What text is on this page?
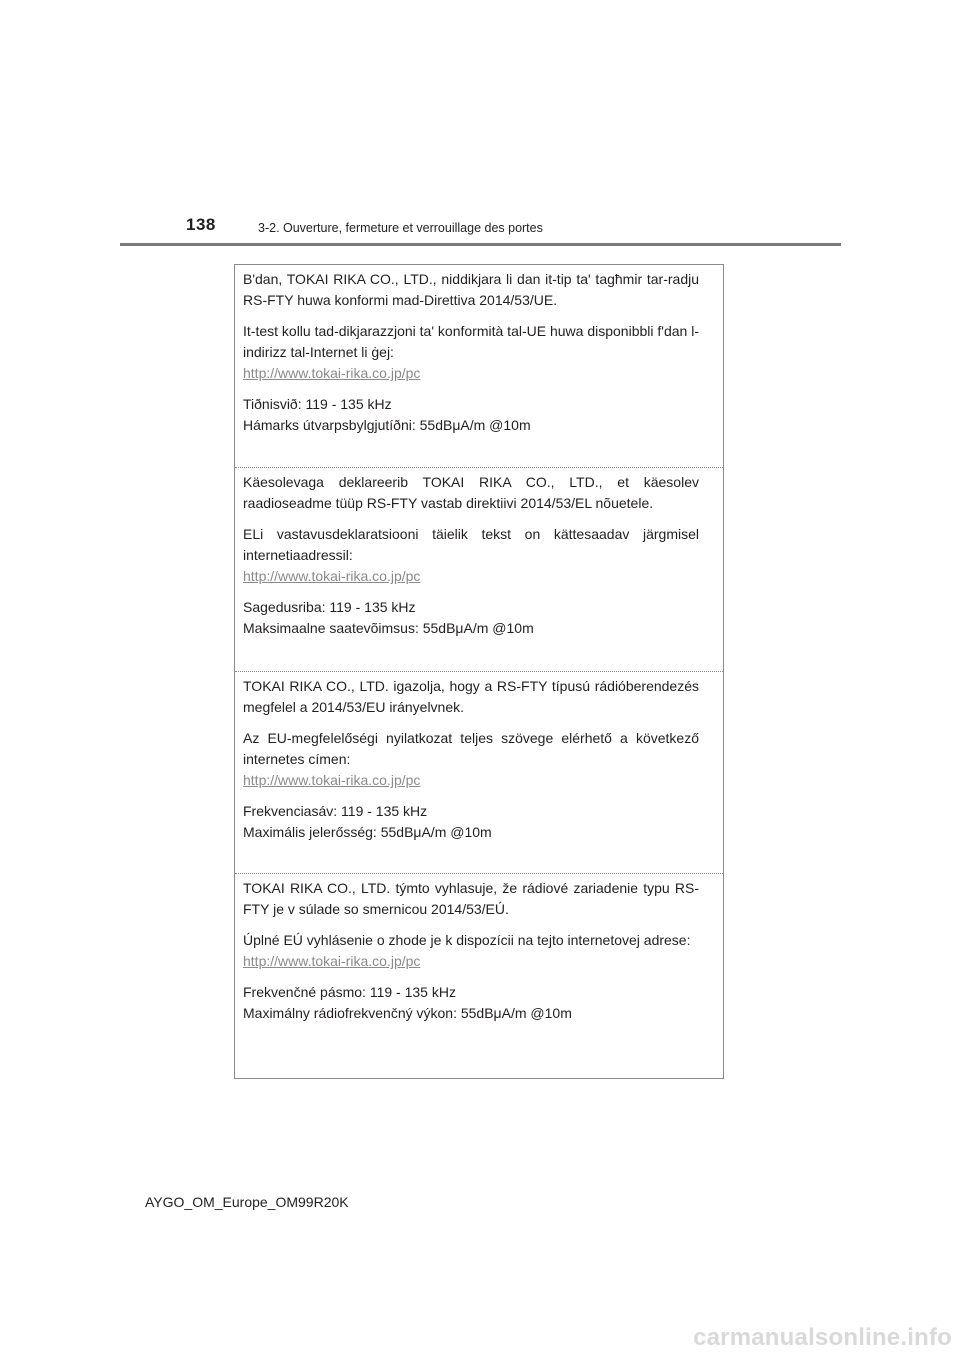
138	3-2. Ouverture, fermeture et verrouillage des portes

B'dan, TOKAI RIKA CO., LTD., niddikjara li dan it-tip ta' tagħmir tar-radju RS-FTY huwa konformi mad-Direttiva 2014/53/UE.

It-test kollu tad-dikjarazzjoni ta' konformità tal-UE huwa disponibbli f'dan l-indirizz tal-Internet li ġej:
http://www.tokai-rika.co.jp/pc

Tiðnisvið: 119 - 135 kHz
Hámarks útvarpsbylgjutíðni: 55dBμA/m @10m

Käesolevaga deklareerib TOKAI RIKA CO., LTD., et käesolev raadioseadme tüüp RS-FTY vastab direktiivi 2014/53/EL nõuetele.

ELi vastavusdeklaratsiooni täielik tekst on kättesaadav järgmisel internetiaadressil:
http://www.tokai-rika.co.jp/pc

Sagedusriba: 119 - 135 kHz
Maksimaalne saatevõimsus: 55dBμA/m @10m

TOKAI RIKA CO., LTD. igazolja, hogy a RS-FTY típusú rádióberendezés megfelel a 2014/53/EU irányelvnek.

Az EU-megfelelőségi nyilatkozat teljes szövege elérhető a következő internetes címen:
http://www.tokai-rika.co.jp/pc

Frekvenciasáv: 119 - 135 kHz
Maximális jelerősség: 55dBμA/m @10m

TOKAI RIKA CO., LTD. týmto vyhlasuje, že rádiové zariadenie typu RS-FTY je v súlade so smernicou 2014/53/EÚ.

Úplné EÚ vyhlásenie o zhode je k dispozícii na tejto internetovej adrese:
http://www.tokai-rika.co.jp/pc

Frekvenčné pásmo: 119 - 135 kHz
Maximálny rádiofrekvenčný výkon: 55dBμA/m @10m

AYGO_OM_Europe_OM99R20K
carmanualsonline.info
